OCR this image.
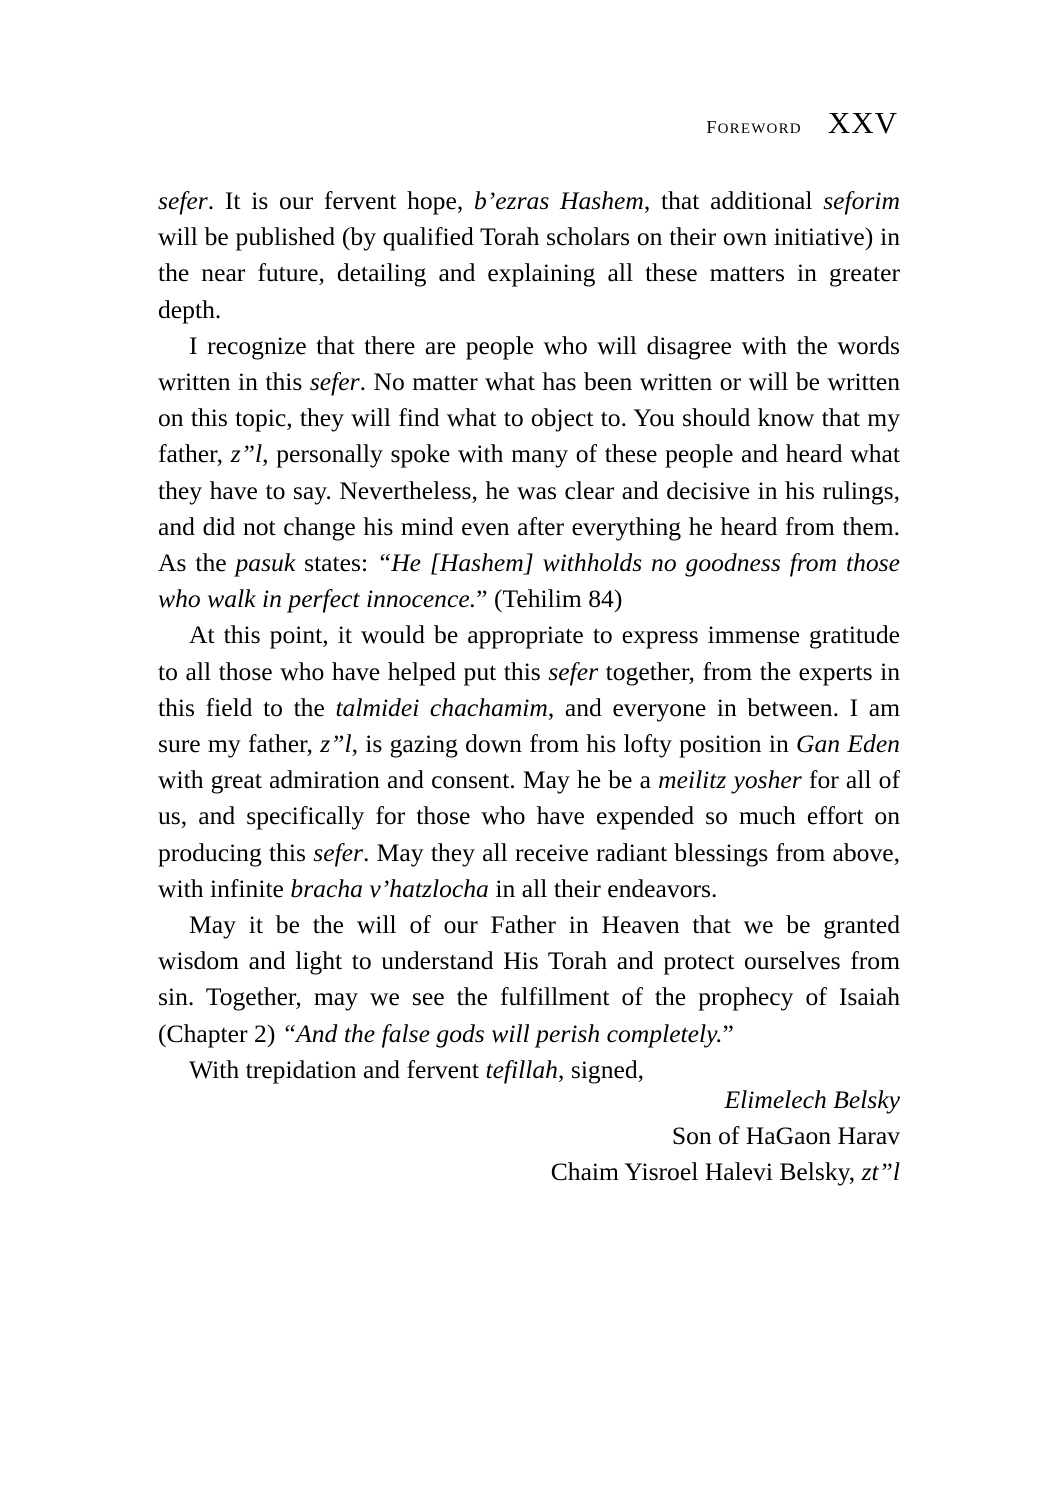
foreword XXV

sefer. It is our fervent hope, b’ezras Hashem, that additional seforim will be published (by qualified Torah scholars on their own initiative) in the near future, detailing and explaining all these matters in greater depth.

I recognize that there are people who will disagree with the words written in this sefer. No matter what has been written or will be written on this topic, they will find what to object to. You should know that my father, z”l, personally spoke with many of these people and heard what they have to say. Nevertheless, he was clear and decisive in his rulings, and did not change his mind even after everything he heard from them. As the pasuk states: “He [Hashem] withholds no goodness from those who walk in perfect innocence.” (Tehilim 84)

At this point, it would be appropriate to express immense gratitude to all those who have helped put this sefer together, from the experts in this field to the talmidei chachamim, and everyone in between. I am sure my father, z”l, is gazing down from his lofty position in Gan Eden with great admiration and consent. May he be a meilitz yosher for all of us, and specifically for those who have expended so much effort on producing this sefer. May they all receive radiant blessings from above, with infinite bracha v’hatzlocha in all their endeavors.

May it be the will of our Father in Heaven that we be granted wisdom and light to understand His Torah and protect ourselves from sin. Together, may we see the fulfillment of the prophecy of Isaiah (Chapter 2) “And the false gods will perish completely.”

With trepidation and fervent tefillah, signed,

Elimelech Belsky
Son of HaGaon Harav
Chaim Yisroel Halevi Belsky, zt”l
